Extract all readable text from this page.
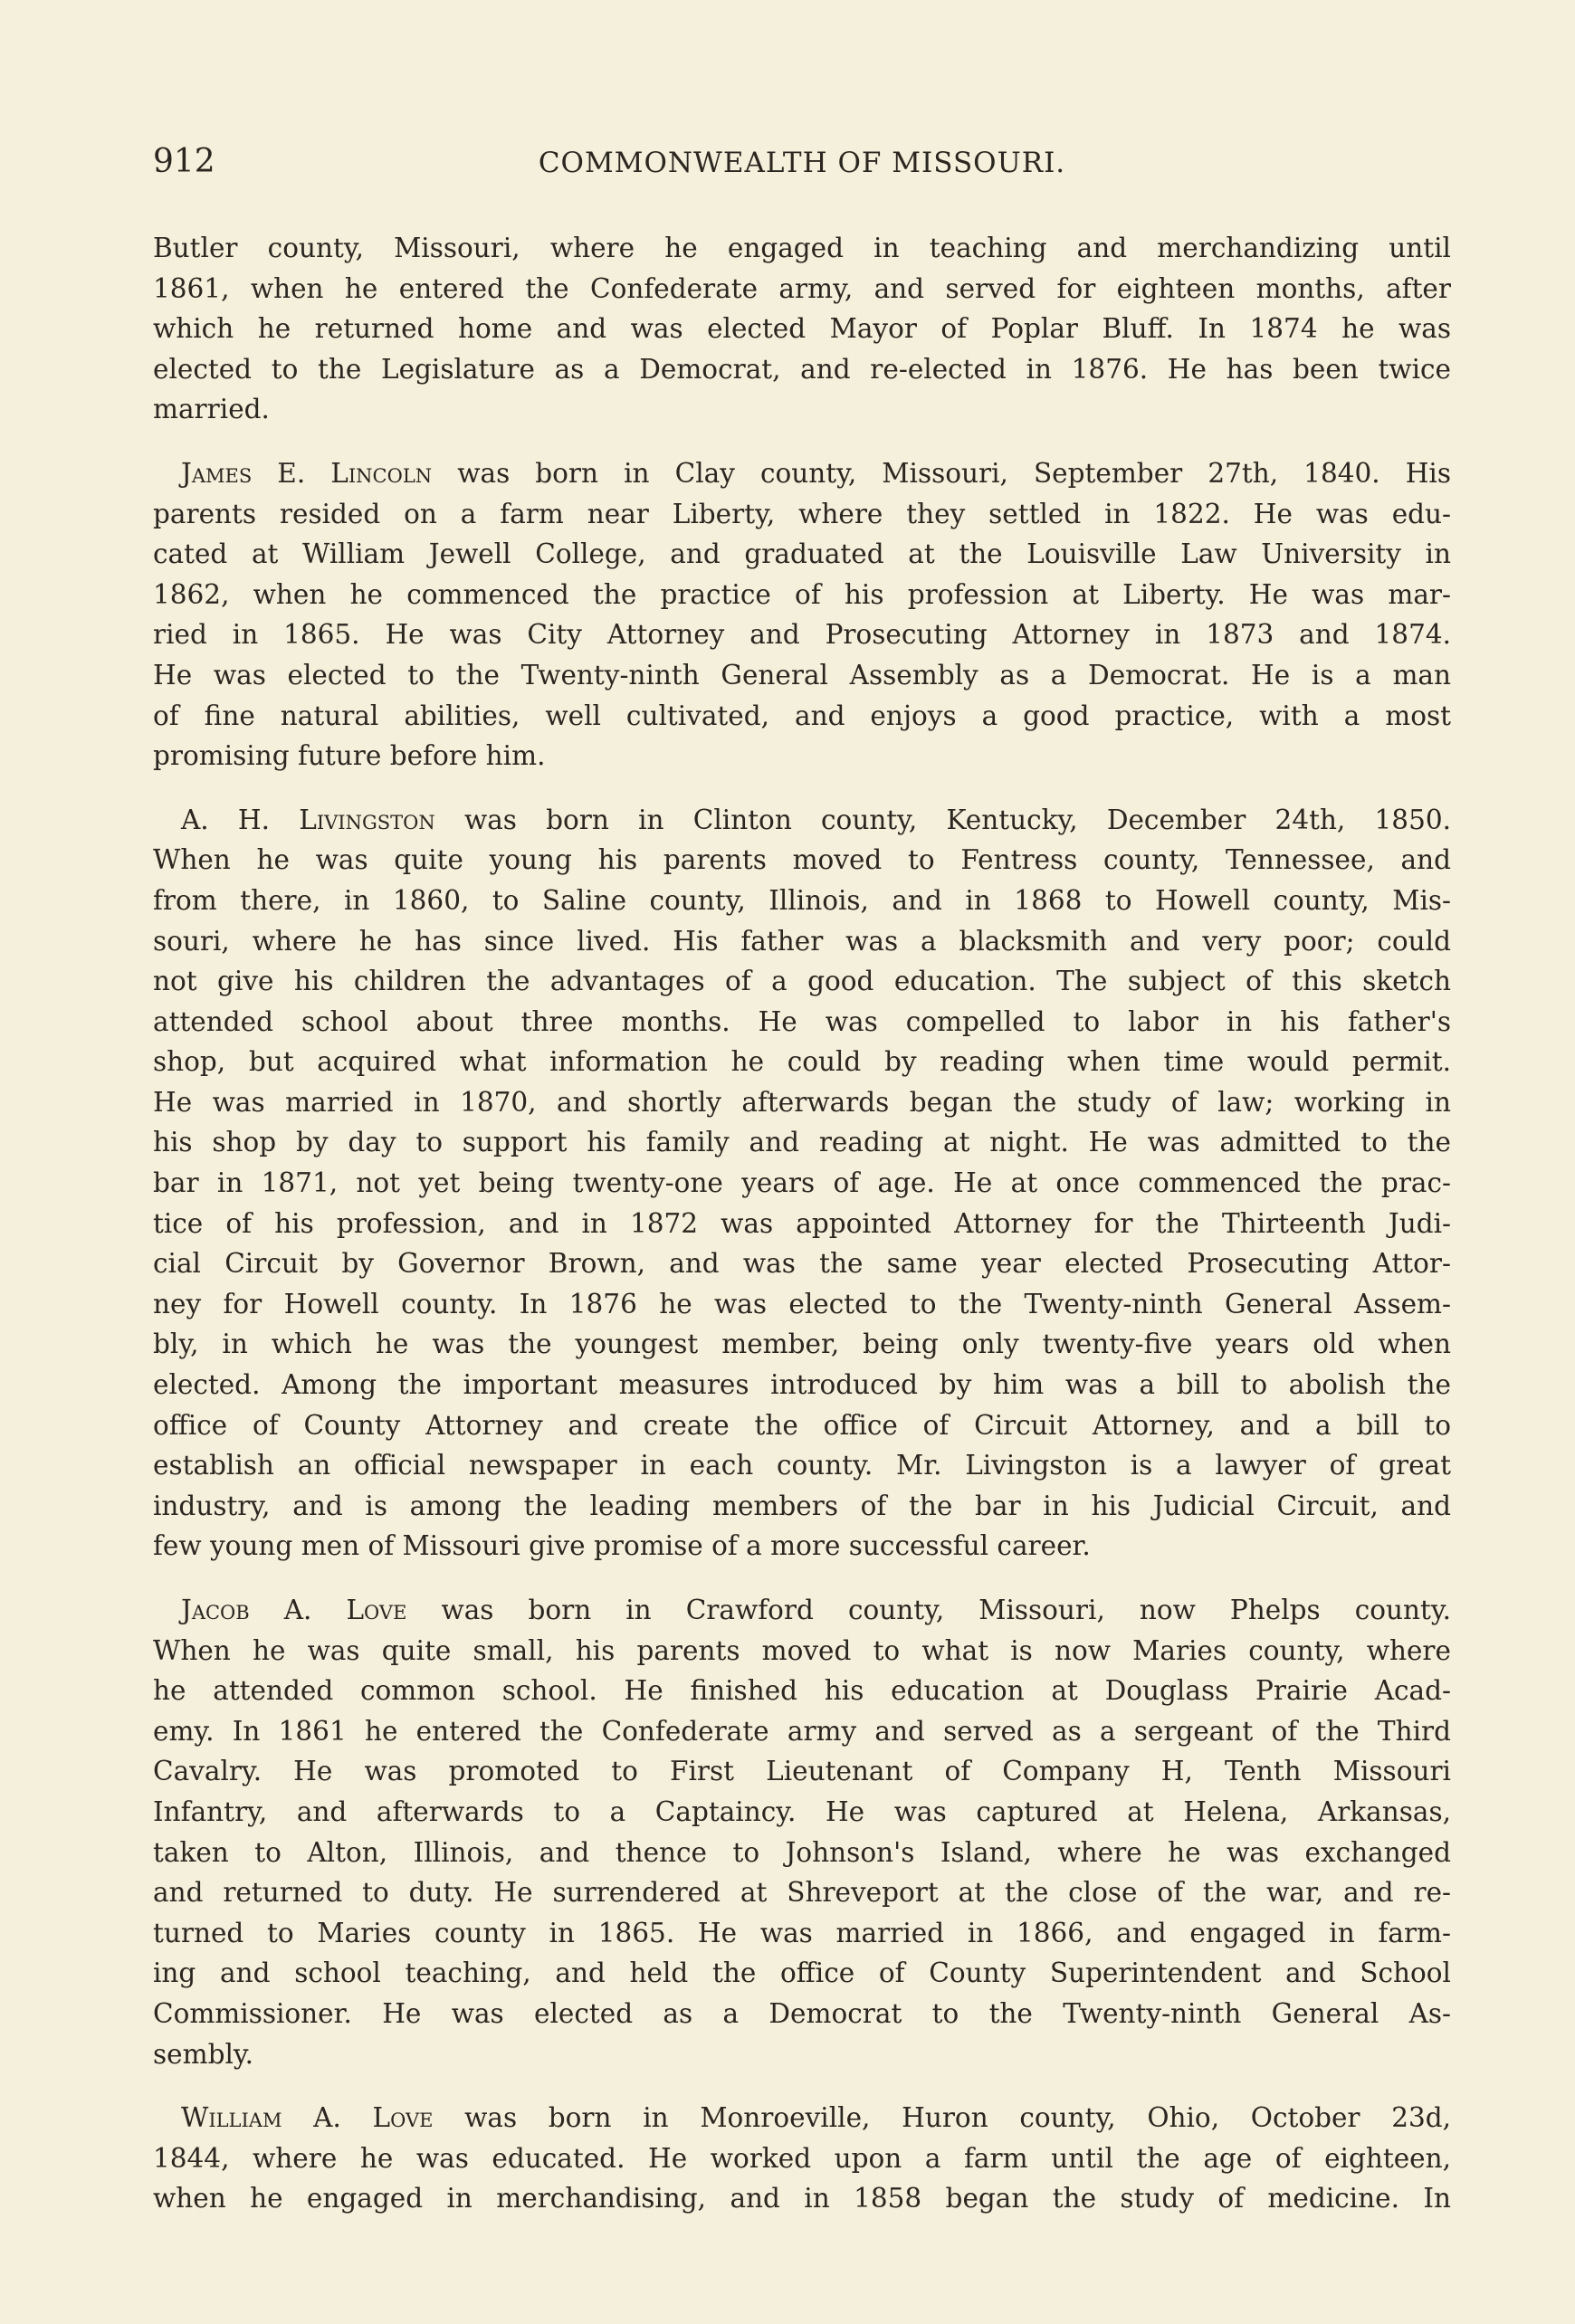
912	COMMONWEALTH OF MISSOURI.

Butler county, Missouri, where he engaged in teaching and merchandizing until
1861, when he entered the Confederate army, and served for eighteen months, after
which he returned home and was elected Mayor of Poplar Bluff. In 1874 he was
elected to the Legislature as a Democrat, and re-elected in 1876. He has been twice
married.

James E. Lincoln was born in Clay county, Missouri, September 27th, 1840. His
parents resided on a farm near Liberty, where they settled in 1822. He was edu-
cated at William Jewell College, and graduated at the Louisville Law University in
1862, when he commenced the practice of his profession at Liberty. He was mar-
ried in 1865. He was City Attorney and Prosecuting Attorney in 1873 and 1874.
He was elected to the Twenty-ninth General Assembly as a Democrat. He is a man
of fine natural abilities, well cultivated, and enjoys a good practice, with a most
promising future before him.

A. H. Livingston was born in Clinton county, Kentucky, December 24th, 1850.
When he was quite young his parents moved to Fentress county, Tennessee, and
from there, in 1860, to Saline county, Illinois, and in 1868 to Howell county, Mis-
souri, where he has since lived. His father was a blacksmith and very poor; could
not give his children the advantages of a good education. The subject of this sketch
attended school about three months. He was compelled to labor in his father's
shop, but acquired what information he could by reading when time would permit.
He was married in 1870, and shortly afterwards began the study of law; working in
his shop by day to support his family and reading at night. He was admitted to the
bar in 1871, not yet being twenty-one years of age. He at once commenced the prac-
tice of his profession, and in 1872 was appointed Attorney for the Thirteenth Judi-
cial Circuit by Governor Brown, and was the same year elected Prosecuting Attor-
ney for Howell county. In 1876 he was elected to the Twenty-ninth General Assem-
bly, in which he was the youngest member, being only twenty-five years old when
elected. Among the important measures introduced by him was a bill to abolish the
office of County Attorney and create the office of Circuit Attorney, and a bill to
establish an official newspaper in each county. Mr. Livingston is a lawyer of great
industry, and is among the leading members of the bar in his Judicial Circuit, and
few young men of Missouri give promise of a more successful career.

Jacob A. Love was born in Crawford county, Missouri, now Phelps county.
When he was quite small, his parents moved to what is now Maries county, where
he attended common school. He finished his education at Douglass Prairie Acad-
emy. In 1861 he entered the Confederate army and served as a sergeant of the Third
Cavalry. He was promoted to First Lieutenant of Company H, Tenth Missouri
Infantry, and afterwards to a Captaincy. He was captured at Helena, Arkansas,
taken to Alton, Illinois, and thence to Johnson's Island, where he was exchanged
and returned to duty. He surrendered at Shreveport at the close of the war, and re-
turned to Maries county in 1865. He was married in 1866, and engaged in farm-
ing and school teaching, and held the office of County Superintendent and School
Commissioner. He was elected as a Democrat to the Twenty-ninth General As-
sembly.

William A. Love was born in Monroeville, Huron county, Ohio, October 23d,
1844, where he was educated. He worked upon a farm until the age of eighteen,
when he engaged in merchandising, and in 1858 began the study of medicine. In
